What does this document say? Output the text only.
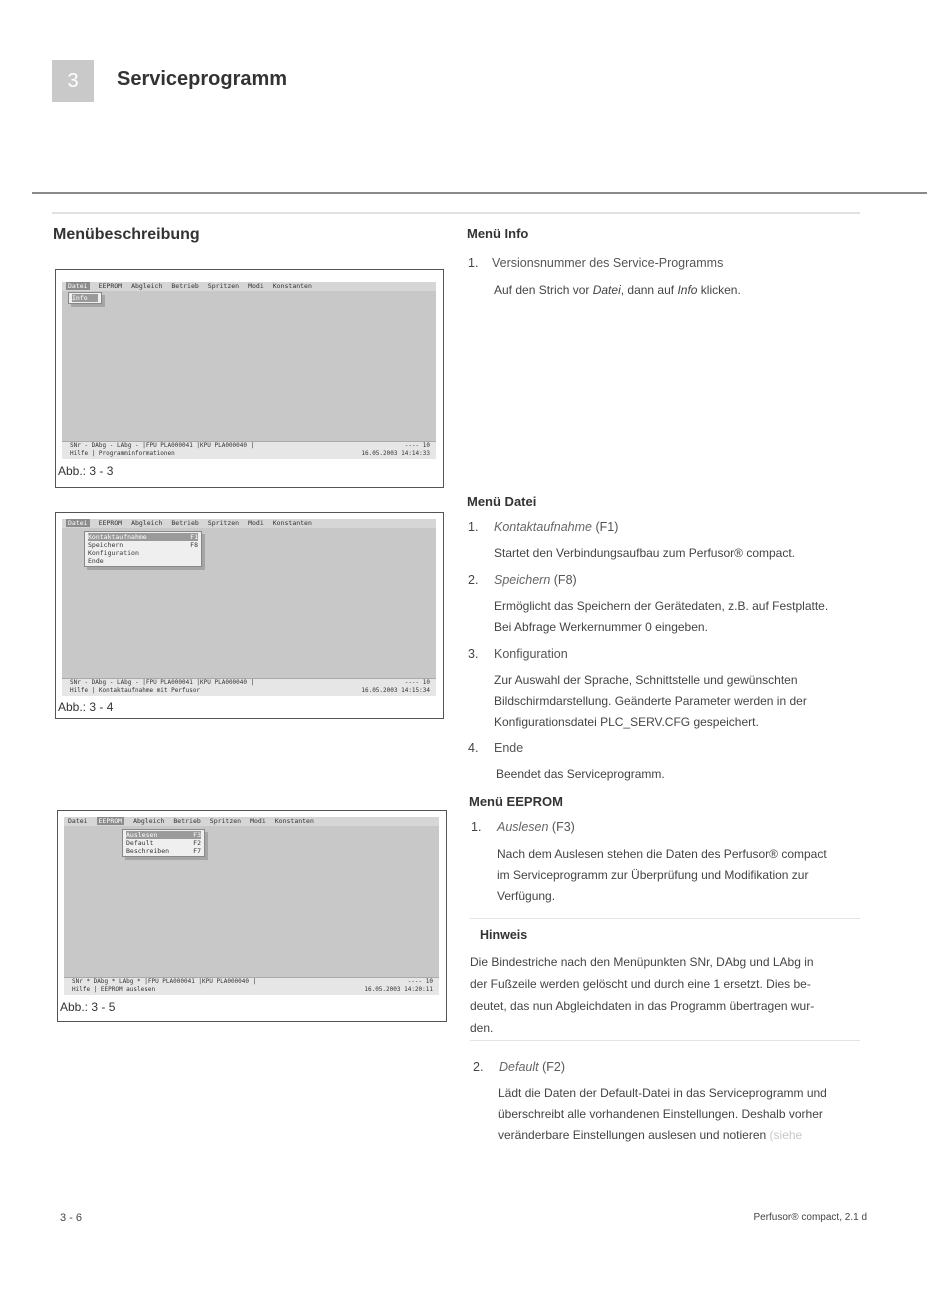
3 Serviceprogramm
Menübeschreibung
Datei EEPROM Abgleich Betrieb Spritzen Modi Konstanten
Info
SNr - DAbg - LAbg - |FPU PLA000041 |KPU PLA000040 |
Hilfe | Programminformationen
---- 10
16.05.2003 14:14:33
Abb.: 3 - 3
Datei EEPROM Abgleich Betrieb Spritzen Modi Konstanten
Kontaktaufnahme	F1
Speichern	F8
Konfiguration
Ende
SNr - DAbg - LAbg - |FPU PLA000041 |KPU PLA000040 |
Hilfe | Kontaktaufnahme mit Perfusor
---- 10
16.05.2003 14:15:34
Abb.: 3 - 4
Datei EEPROM Abgleich Betrieb Spritzen Modi Konstanten
Auslesen	F3
Default	F2
Beschreiben	F7
SNr * DAbg * LAbg * |FPU PLA000041 |KPU PLA000040 |
Hilfe | EEPROM auslesen
---- 10
16.05.2003 14:20:11
Abb.: 3 - 5
Menü Info
1. Versionsnummer des Service-Programms
Auf den Strich vor Datei, dann auf Info klicken.
Menü Datei
1. Kontaktaufnahme (F1)
Startet den Verbindungsaufbau zum Perfusor® compact.
2. Speichern (F8)
Ermöglicht das Speichern der Gerätedaten, z.B. auf Festplatte.
Bei Abfrage Werkernummer 0 eingeben.
3. Konfiguration
Zur Auswahl der Sprache, Schnittstelle und gewünschten
Bildschirmdarstellung. Geänderte Parameter werden in der
Konfigurationsdatei PLC_SERV.CFG gespeichert.
4. Ende
Beendet das Serviceprogramm.
Menü EEPROM
1. Auslesen (F3)
Nach dem Auslesen stehen die Daten des Perfusor® compact
im Serviceprogramm zur Überprüfung und Modifikation zur
Verfügung.
Hinweis
Die Bindestriche nach den Menüpunkten SNr, DAbg und LAbg in
der Fußzeile werden gelöscht und durch eine 1 ersetzt. Dies be-
deutet, das nun Abgleichdaten in das Programm übertragen wur-
den.
2. Default (F2)
Lädt die Daten der Default-Datei in das Serviceprogramm und
überschreibt alle vorhandenen Einstellungen. Deshalb vorher
veränderbare Einstellungen auslesen und notieren (siehe
3 - 6	Perfusor® compact, 2.1 d
